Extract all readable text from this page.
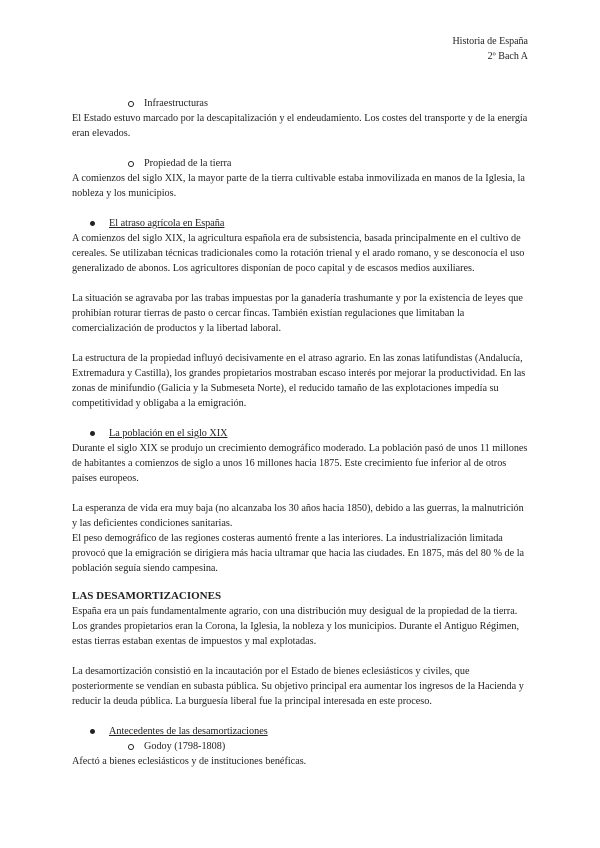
Historia de España
2º Bach A
Infraestructuras

El Estado estuvo marcado por la descapitalización y el endeudamiento. Los costes del transporte y de la energía eran elevados.

Propiedad de la tierra

A comienzos del siglo XIX, la mayor parte de la tierra cultivable estaba inmovilizada en manos de la Iglesia, la nobleza y los municipios.

El atraso agrícola en España

A comienzos del siglo XIX, la agricultura española era de subsistencia, basada principalmente en el cultivo de cereales. Se utilizaban técnicas tradicionales como la rotación trienal y el arado romano, y se desconocía el uso generalizado de abonos. Los agricultores disponían de poco capital y de escasos medios auxiliares.

La situación se agravaba por las trabas impuestas por la ganadería trashumante y por la existencia de leyes que prohibían roturar tierras de pasto o cercar fincas. También existían regulaciones que limitaban la comercialización de productos y la libertad laboral.

La estructura de la propiedad influyó decisivamente en el atraso agrario. En las zonas latifundistas (Andalucía, Extremadura y Castilla), los grandes propietarios mostraban escaso interés por mejorar la productividad. En las zonas de minifundio (Galicia y la Submeseta Norte), el reducido tamaño de las explotaciones impedía su competitividad y obligaba a la emigración.

La población en el siglo XIX

Durante el siglo XIX se produjo un crecimiento demográfico moderado. La población pasó de unos 11 millones de habitantes a comienzos de siglo a unos 16 millones hacia 1875. Este crecimiento fue inferior al de otros países europeos.

La esperanza de vida era muy baja (no alcanzaba los 30 años hacia 1850), debido a las guerras, la malnutrición y las deficientes condiciones sanitarias.

El peso demográfico de las regiones costeras aumentó frente a las interiores. La industrialización limitada provocó que la emigración se dirigiera más hacia ultramar que hacia las ciudades. En 1875, más del 80 % de la población seguía siendo campesina.

LAS DESAMORTIZACIONES

España era un país fundamentalmente agrario, con una distribución muy desigual de la propiedad de la tierra. Los grandes propietarios eran la Corona, la Iglesia, la nobleza y los municipios. Durante el Antiguo Régimen, estas tierras estaban exentas de impuestos y mal explotadas.

La desamortización consistió en la incautación por el Estado de bienes eclesiásticos y civiles, que posteriormente se vendían en subasta pública. Su objetivo principal era aumentar los ingresos de la Hacienda y reducir la deuda pública. La burguesía liberal fue la principal interesada en este proceso.

Antecedentes de las desamortizaciones
Godoy (1798-1808)

Afectó a bienes eclesiásticos y de instituciones benéficas.
